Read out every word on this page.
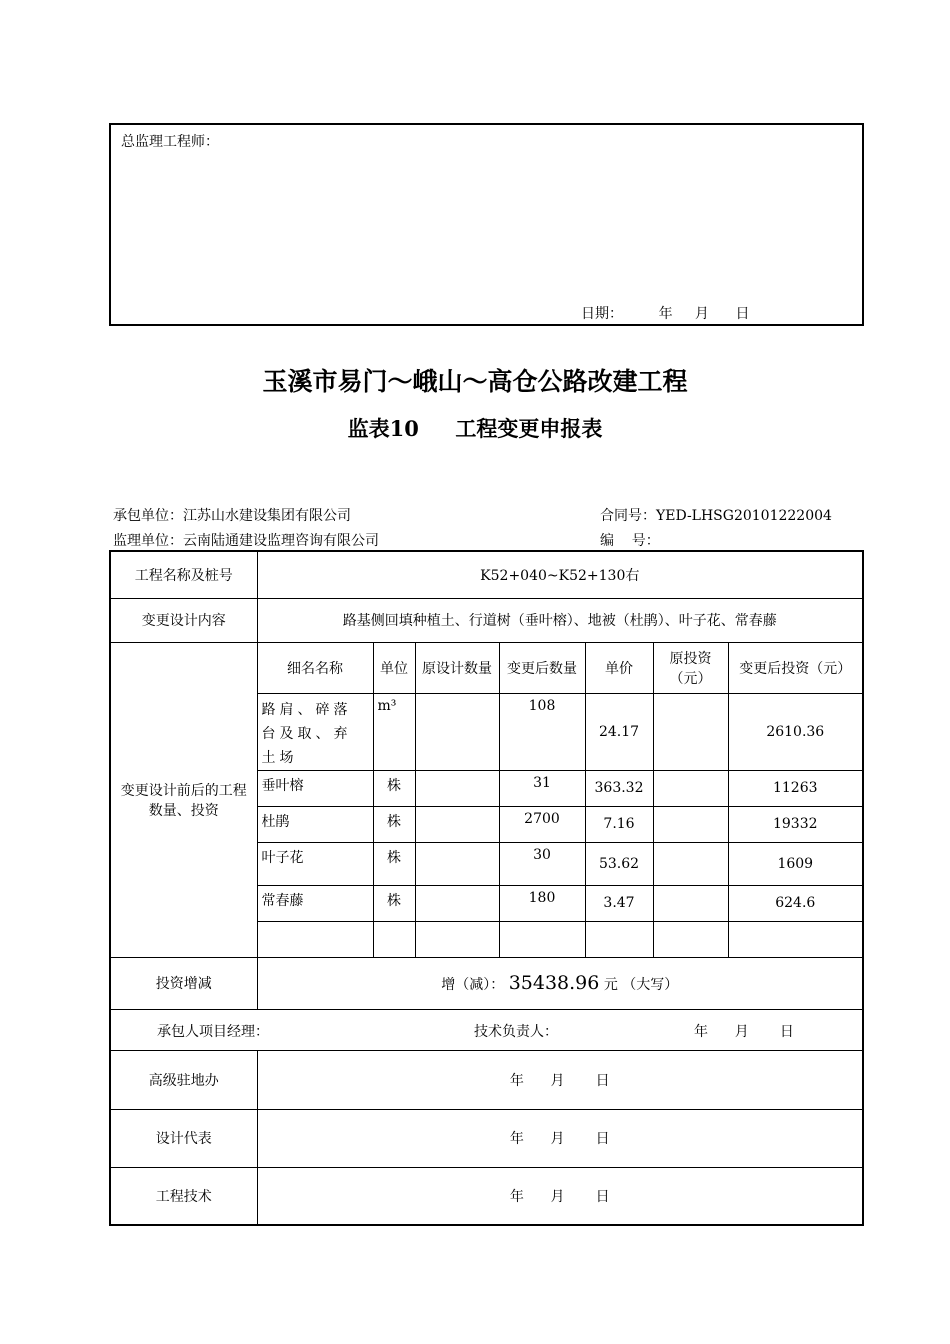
总监理工程师：
日期：        年     月      日
玉溪市易门～峨山～高仓公路改建工程
监表10     工程变更申报表
承包单位：江苏山水建设集团有限公司	合同号：YED-LHSG20101222004
监理单位：云南陆通建设监理咨询有限公司	编    号：
工程名称及桩号	K52+040~K52+130右						
变更设计内容	路基侧回填种植土、行道树（垂叶榕）、地被（杜鹃）、叶子花、常春藤						
变更设计前后的工程数量、投资	细名名称	单位	原设计数量	变更后数量	单价	原投资（元）	变更后投资（元）
	路肩、碎落台及取、弃土场	m³		108	24.17		2610.36
	垂叶榕	株		31	363.32		11263
	杜鹃	株		2700	7.16		19332
	叶子花	株		30	53.62		1609
	常春藤	株		180	3.47		624.6

投资增减	增（减）： 35438.96 元 （大写）						

承包人项目经理： 技术负责人： 年      月       日							

高级驻地办	年      月       日						
设计代表	年      月       日						
工程技术	年      月       日						
